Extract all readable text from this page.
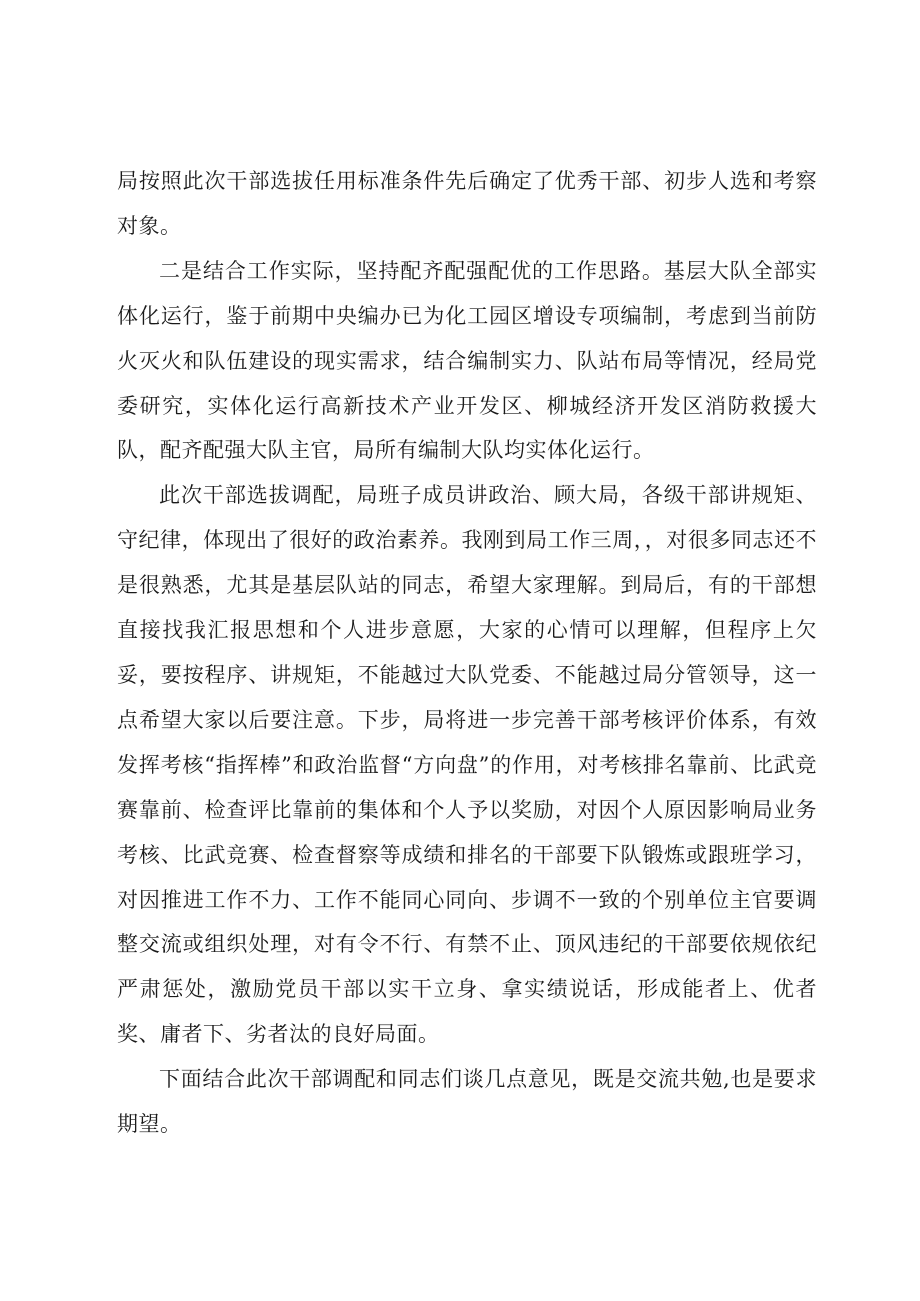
局按照此次干部选拔任用标准条件先后确定了优秀干部、初步人选和考察对象。

二是结合工作实际，坚持配齐配强配优的工作思路。基层大队全部实体化运行，鉴于前期中央编办已为化工园区增设专项编制，考虑到当前防火灭火和队伍建设的现实需求，结合编制实力、队站布局等情况，经局党委研究，实体化运行高新技术产业开发区、柳城经济开发区消防救援大队，配齐配强大队主官，局所有编制大队均实体化运行。

此次干部选拔调配，局班子成员讲政治、顾大局，各级干部讲规矩、守纪律，体现出了很好的政治素养。我刚到局工作三周，，对很多同志还不是很熟悉，尤其是基层队站的同志，希望大家理解。到局后，有的干部想直接找我汇报思想和个人进步意愿，大家的心情可以理解，但程序上欠妥，要按程序、讲规矩，不能越过大队党委、不能越过局分管领导，这一点希望大家以后要注意。下步，局将进一步完善干部考核评价体系，有效发挥考核“指挥棒”和政治监督“方向盘”的作用，对考核排名靠前、比武竞赛靠前、检查评比靠前的集体和个人予以奖励，对因个人原因影响局业务考核、比武竞赛、检查督察等成绩和排名的干部要下队锻炼或跟班学习，对因推进工作不力、工作不能同心同向、步调不一致的个别单位主官要调整交流或组织处理，对有令不行、有禁不止、顶风违纪的干部要依规依纪严肃惩处，激励党员干部以实干立身、拿实绩说话，形成能者上、优者奖、庸者下、劣者汰的良好局面。

下面结合此次干部调配和同志们谈几点意见，既是交流共勉,也是要求期望。
